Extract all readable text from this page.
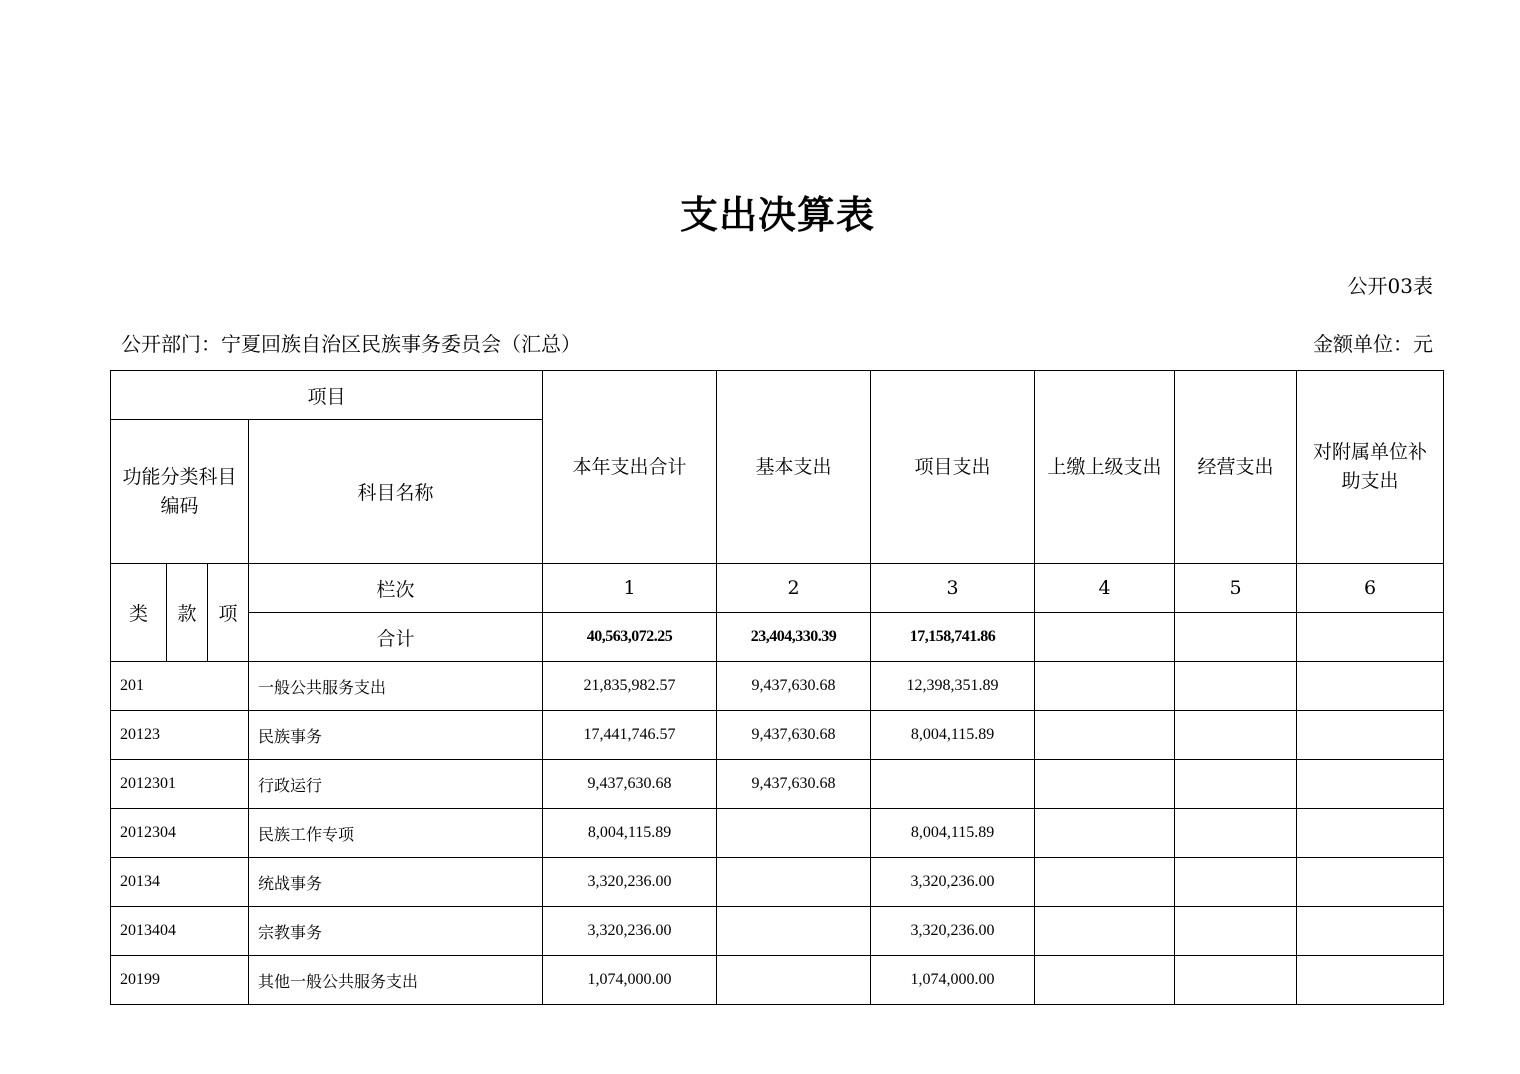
支出决算表
公开03表
公开部门：宁夏回族自治区民族事务委员会（汇总）	金额单位：元
项目				本年支出合计	基本支出	项目支出	上缴上级支出	经营支出	对附属单位补助支出
功能分类科目编码			科目名称						
类	款	项	栏次	1	2	3	4	5	6
			合计	40,563,072.25	23,404,330.39	17,158,741.86			
201			一般公共服务支出	21,835,982.57	9,437,630.68	12,398,351.89			
20123			民族事务	17,441,746.57	9,437,630.68	8,004,115.89			
2012301			行政运行	9,437,630.68	9,437,630.68				
2012304			民族工作专项	8,004,115.89		8,004,115.89			
20134			统战事务	3,320,236.00		3,320,236.00			
2013404			宗教事务	3,320,236.00		3,320,236.00			
20199			其他一般公共服务支出	1,074,000.00		1,074,000.00			
